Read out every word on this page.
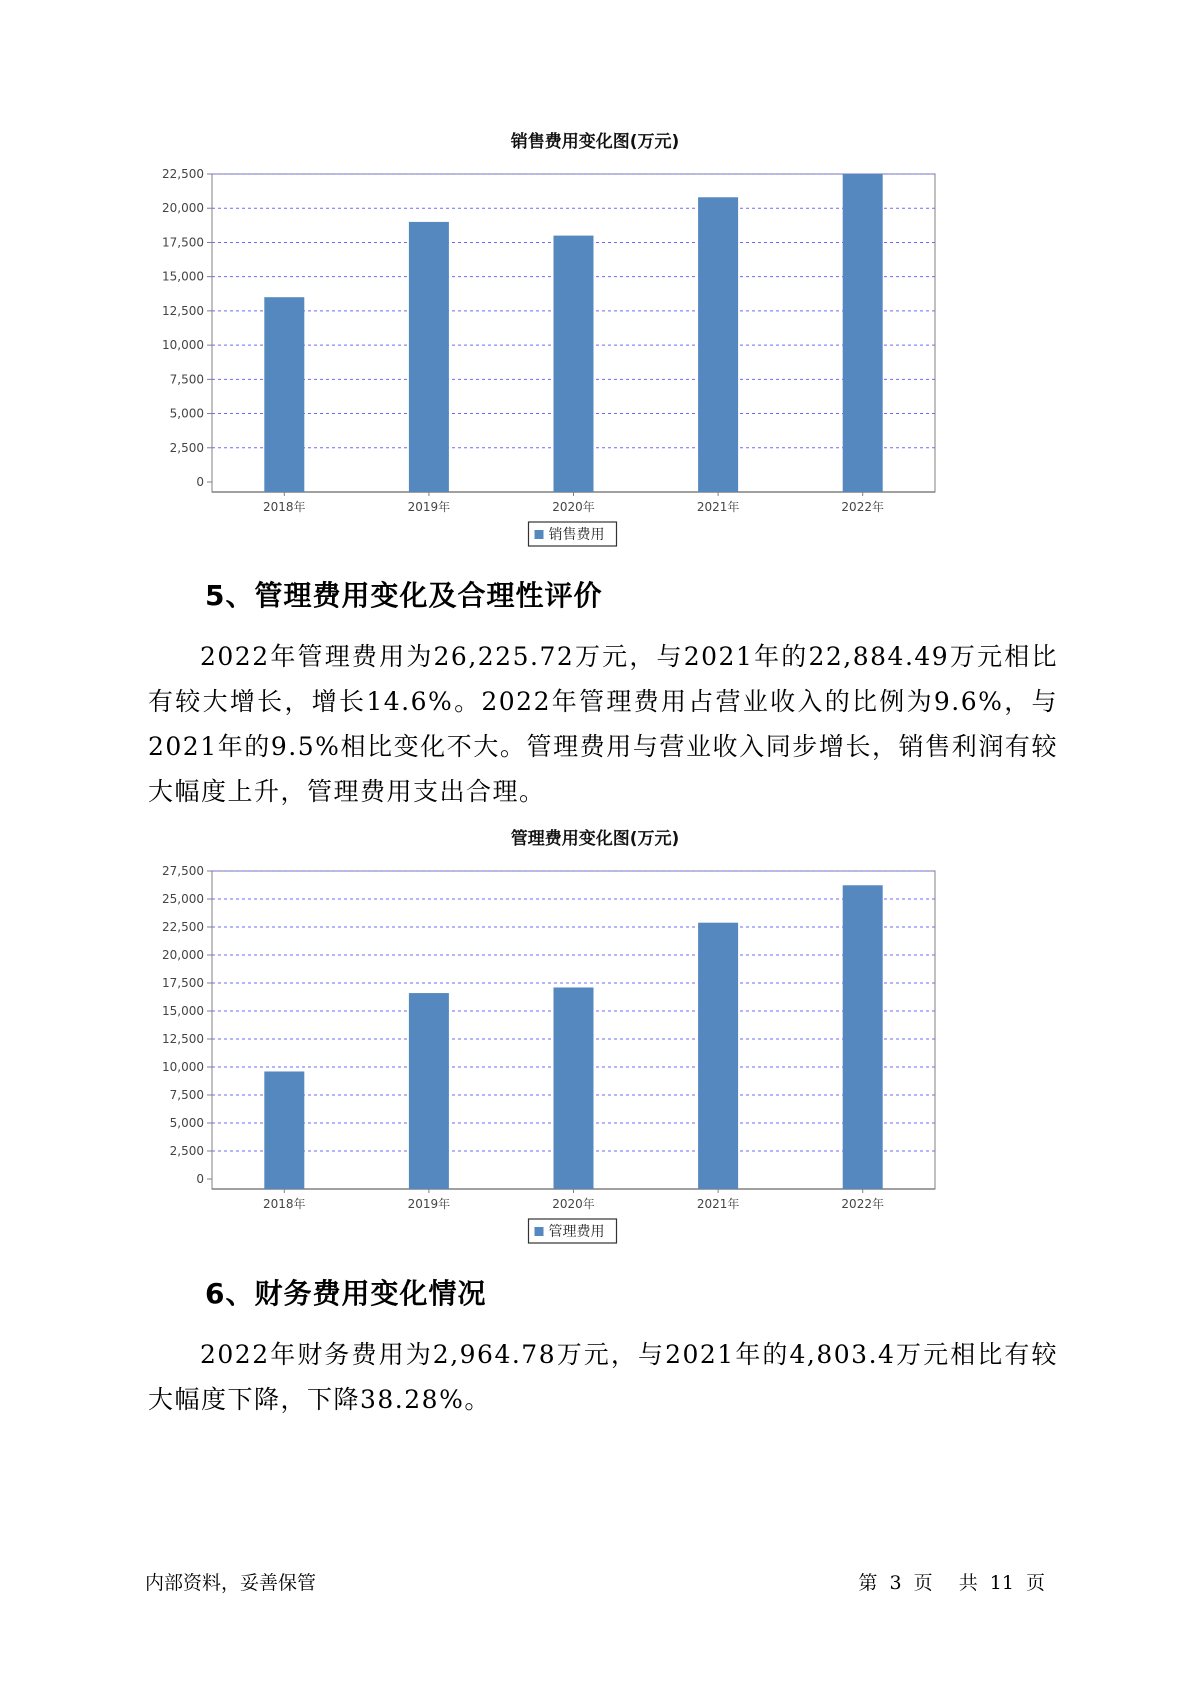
销售费用变化图(万元)
0
2,500
5,000
7,500
10,000
12,500
15,000
17,500
20,000
22,500
2018年	2019年	2020年	2021年	2022年
销售费用
5、管理费用变化及合理性评价

2022年管理费用为26,225.72万元，与2021年的22,884.49万元相比有较大增长，增长14.6%。2022年管理费用占营业收入的比例为9.6%，与2021年的9.5%相比变化不大。管理费用与营业收入同步增长，销售利润有较大幅度上升，管理费用支出合理。

管理费用变化图(万元)
0
2,500
5,000
7,500
10,000
12,500
15,000
17,500
20,000
22,500
25,000
27,500
2018年	2019年	2020年	2021年	2022年
管理费用
6、财务费用变化情况

2022年财务费用为2,964.78万元，与2021年的4,803.4万元相比有较大幅度下降，下降38.28%。

内部资料，妥善保管	第 3 页 共 11 页
